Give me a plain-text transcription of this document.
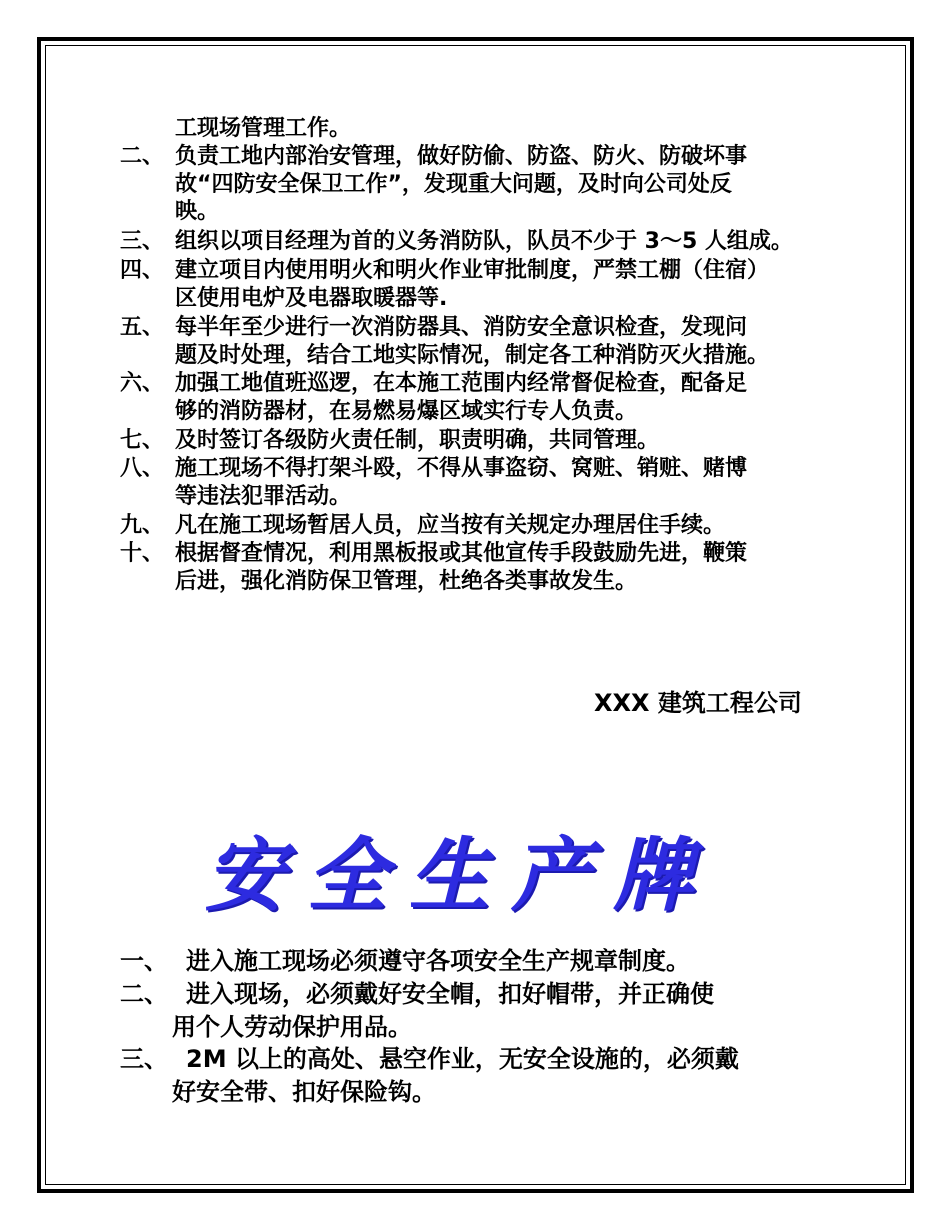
工现场管理工作。
二、 负责工地内部治安管理，做好防偷、防盗、防火、防破坏事
故“四防安全保卫工作”，发现重大问题，及时向公司处反
映。
三、 组织以项目经理为首的义务消防队，队员不少于 3～5 人组成。
四、 建立项目内使用明火和明火作业审批制度，严禁工棚（住宿）
区使用电炉及电器取暖器等.
五、 每半年至少进行一次消防器具、消防安全意识检查，发现问
题及时处理，结合工地实际情况，制定各工种消防灭火措施。
六、 加强工地值班巡逻，在本施工范围内经常督促检查，配备足
够的消防器材，在易燃易爆区域实行专人负责。
七、 及时签订各级防火责任制，职责明确，共同管理。
八、 施工现场不得打架斗殴，不得从事盗窃、窝赃、销赃、赌博
等违法犯罪活动。
九、 凡在施工现场暂居人员，应当按有关规定办理居住手续。
十、 根据督查情况，利用黑板报或其他宣传手段鼓励先进，鞭策
后进，强化消防保卫管理，杜绝各类事故发生。
XXX 建筑工程公司
安全生产牌
一、 进入施工现场必须遵守各项安全生产规章制度。
二、 进入现场，必须戴好安全帽，扣好帽带，并正确使
用个人劳动保护用品。
三、 2M 以上的高处、悬空作业，无安全设施的，必须戴
好安全带、扣好保险钩。
